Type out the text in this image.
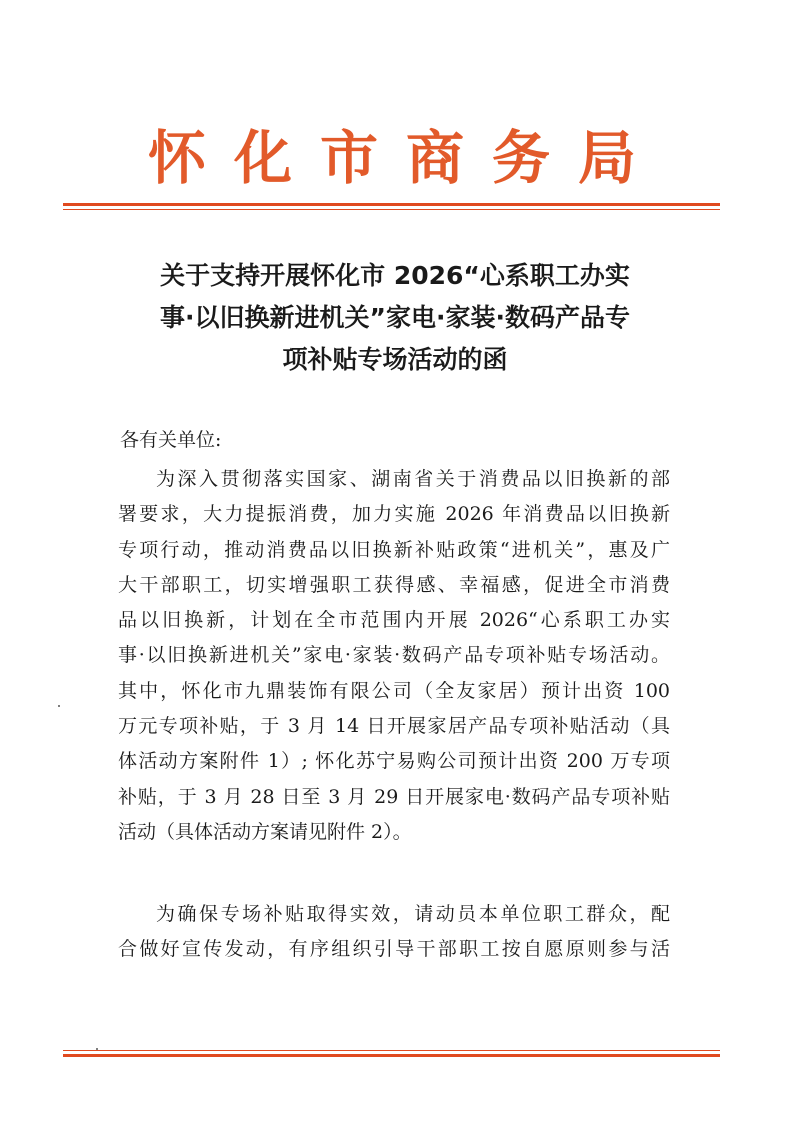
怀化市商务局
关于支持开展怀化市 2026“心系职工办实
事·以旧换新进机关”家电·家装·数码产品专
项补贴专场活动的函
各有关单位:
为深入贯彻落实国家、湖南省关于消费品以旧换新的部
署要求，大力提振消费，加力实施 2026 年消费品以旧换新
专项行动，推动消费品以旧换新补贴政策“进机关”，惠及广
大干部职工，切实增强职工获得感、幸福感，促进全市消费
品以旧换新，计划在全市范围内开展 2026“心系职工办实
事·以旧换新进机关”家电·家装·数码产品专项补贴专场活动。
其中，怀化市九鼎装饰有限公司（全友家居）预计出资 100
万元专项补贴，于 3 月 14 日开展家居产品专项补贴活动（具
体活动方案附件 1）; 怀化苏宁易购公司预计出资 200 万专项
补贴，于 3 月 28 日至 3 月 29 日开展家电·数码产品专项补贴
活动（具体活动方案请见附件 2）。
为确保专场补贴取得实效，请动员本单位职工群众，配
合做好宣传发动，有序组织引导干部职工按自愿原则参与活
